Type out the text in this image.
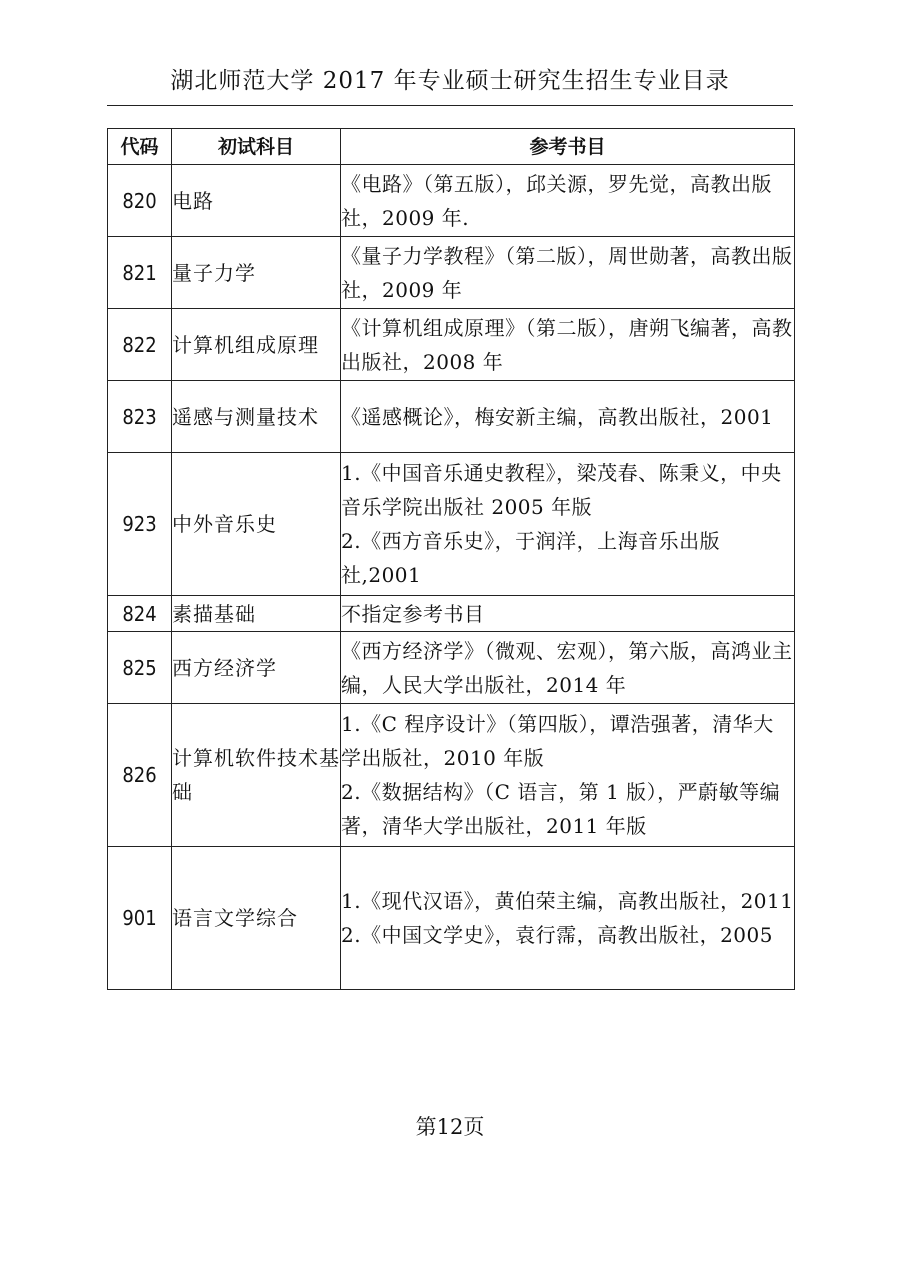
湖北师范大学 2017 年专业硕士研究生招生专业目录
代码	初试科目	参考书目
820	电路	《电路》（第五版），邱关源，罗先觉，高教出版社，2009 年.

821	量子力学	《量子力学教程》（第二版），周世勋著，高教出版社，2009 年

822	计算机组成原理	《计算机组成原理》（第二版），唐朔飞编著，高教出版社，2008 年

823	遥感与测量技术	《遥感概论》，梅安新主编，高教出版社，2001

923	中外音乐史	1.《中国音乐通史教程》，梁茂春、陈秉义，中央音乐学院出版社 2005 年版
2.《西方音乐史》，于润洋，上海音乐出版社,2001

824	素描基础	不指定参考书目

825	西方经济学	《西方经济学》（微观、宏观），第六版，高鸿业主编，人民大学出版社，2014 年

826	计算机软件技术基础	1.《C 程序设计》（第四版），谭浩强著，清华大学出版社，2010 年版
2.《数据结构》（C 语言，第 1 版），严蔚敏等编著，清华大学出版社，2011 年版

901	语言文学综合	1.《现代汉语》，黄伯荣主编，高教出版社，2011
2.《中国文学史》，袁行霈，高教出版社，2005
第12页
